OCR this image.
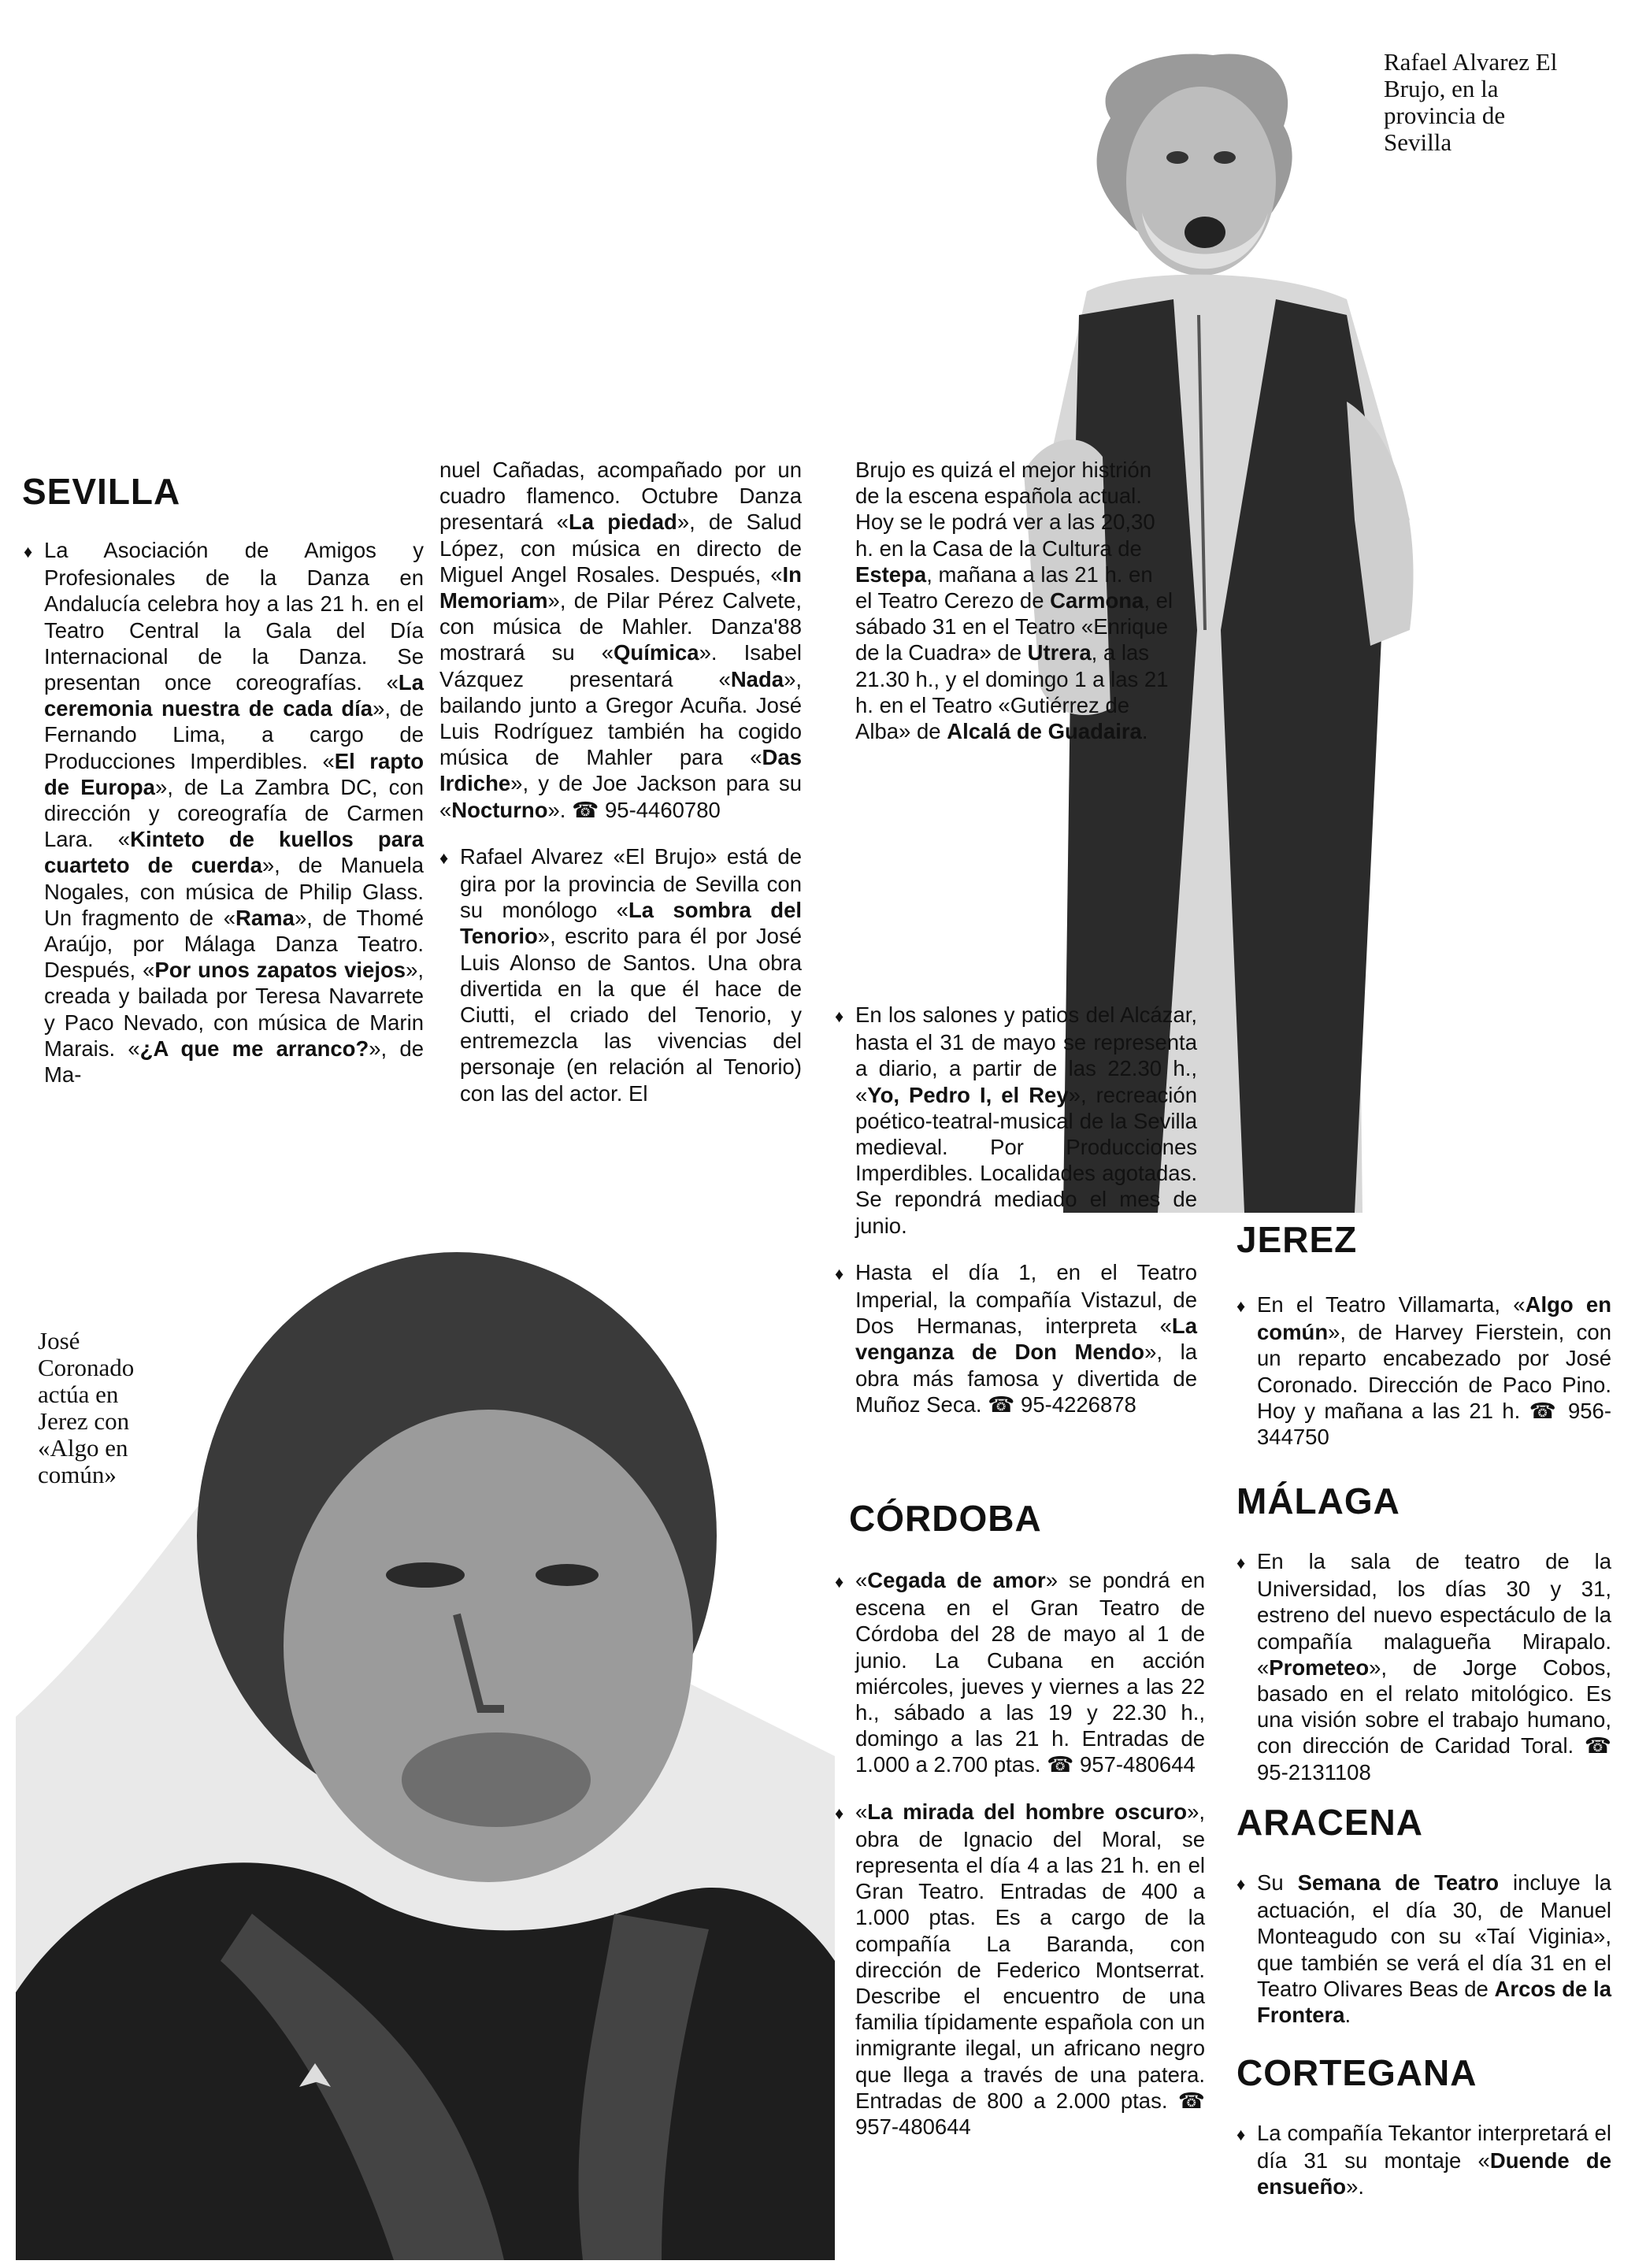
Rafael Alvarez El
Brujo, en la
provincia de
Sevilla
José
Coronado
actúa en
Jerez con
«Algo en
común»
SEVILLA

♦ La Asociación de Amigos y Profesionales de la Danza en Andalucía celebra hoy a las 21 h. en el Teatro Central la Gala del Día Internacional de la Danza. Se presentan once coreografías. «La ceremonia nuestra de cada día», de Fernando Lima, a cargo de Producciones Imperdibles. «El rapto de Europa», de La Zambra DC, con dirección y coreografía de Carmen Lara. «Kinteto de kuellos para cuarteto de cuerda», de Manuela Nogales, con música de Philip Glass. Un fragmento de «Rama», de Thomé Araújo, por Málaga Danza Teatro. Después, «Por unos zapatos viejos», creada y bailada por Teresa Navarrete y Paco Nevado, con música de Marin Marais. «¿A que me arranco?», de Ma-

nuel Cañadas, acompañado por un cuadro flamenco. Octubre Danza presentará «La piedad», de Salud López, con música en directo de Miguel Angel Rosales. Después, «In Memoriam», de Pilar Pérez Calvete, con música de Mahler. Danza'88 mostrará su «Química». Isabel Vázquez presentará «Nada», bailando junto a Gregor Acuña. José Luis Rodríguez también ha cogido música de Mahler para «Das Irdiche», y de Joe Jackson para su «Nocturno». ☎ 95-4460780

♦ Rafael Alvarez «El Brujo» está de gira por la provincia de Sevilla con su monólogo «La sombra del Tenorio», escrito para él por José Luis Alonso de Santos. Una obra divertida en la que él hace de Ciutti, el criado del Tenorio, y entremezcla las vivencias del personaje (en relación al Tenorio) con las del actor. El

Brujo es quizá el mejor histrión de la escena española actual. Hoy se le podrá ver a las 20,30 h. en la Casa de la Cultura de Estepa, mañana a las 21 h. en el Teatro Cerezo de Carmona, el sábado 31 en el Teatro «Enrique de la Cuadra» de Utrera, a las 21.30 h., y el domingo 1 a las 21 h. en el Teatro «Gutiérrez de Alba» de Alcalá de Guadaira.

♦ En los salones y patios del Alcázar, hasta el 31 de mayo se representa a diario, a partir de las 22.30 h., «Yo, Pedro I, el Rey», recreación poético-teatral-musical de la Sevilla medieval. Por Producciones Imperdibles. Localidades agotadas. Se repondrá mediado el mes de junio.

♦ Hasta el día 1, en el Teatro Imperial, la compañía Vistazul, de Dos Hermanas, interpreta «La venganza de Don Mendo», la obra más famosa y divertida de Muñoz Seca. ☎ 95-4226878

CÓRDOBA

♦ «Cegada de amor» se pondrá en escena en el Gran Teatro de Córdoba del 28 de mayo al 1 de junio. La Cubana en acción miércoles, jueves y viernes a las 22 h., sábado a las 19 y 22.30 h., domingo a las 21 h. Entradas de 1.000 a 2.700 ptas. ☎ 957-480644

♦ «La mirada del hombre oscuro», obra de Ignacio del Moral, se representa el día 4 a las 21 h. en el Gran Teatro. Entradas de 400 a 1.000 ptas. Es a cargo de la compañía La Baranda, con dirección de Federico Montserrat. Describe el encuentro de una familia típidamente española con un inmigrante ilegal, un africano negro que llega a través de una patera. Entradas de 800 a 2.000 ptas. ☎ 957-480644

JEREZ

♦ En el Teatro Villamarta, «Algo en común», de Harvey Fierstein, con un reparto encabezado por José Coronado. Dirección de Paco Pino. Hoy y mañana a las 21 h. ☎ 956-344750

MÁLAGA

♦ En la sala de teatro de la Universidad, los días 30 y 31, estreno del nuevo espectáculo de la compañía malagueña Mirapalo. «Prometeo», de Jorge Cobos, basado en el relato mitológico. Es una visión sobre el trabajo humano, con dirección de Caridad Toral. ☎ 95-2131108

ARACENA

♦ Su Semana de Teatro incluye la actuación, el día 30, de Manuel Monteagudo con su «Taí Viginia», que también se verá el día 31 en el Teatro Olivares Beas de Arcos de la Frontera.

CORTEGANA

♦ La compañía Tekantor interpretará el día 31 su montaje «Duende de ensueño».
